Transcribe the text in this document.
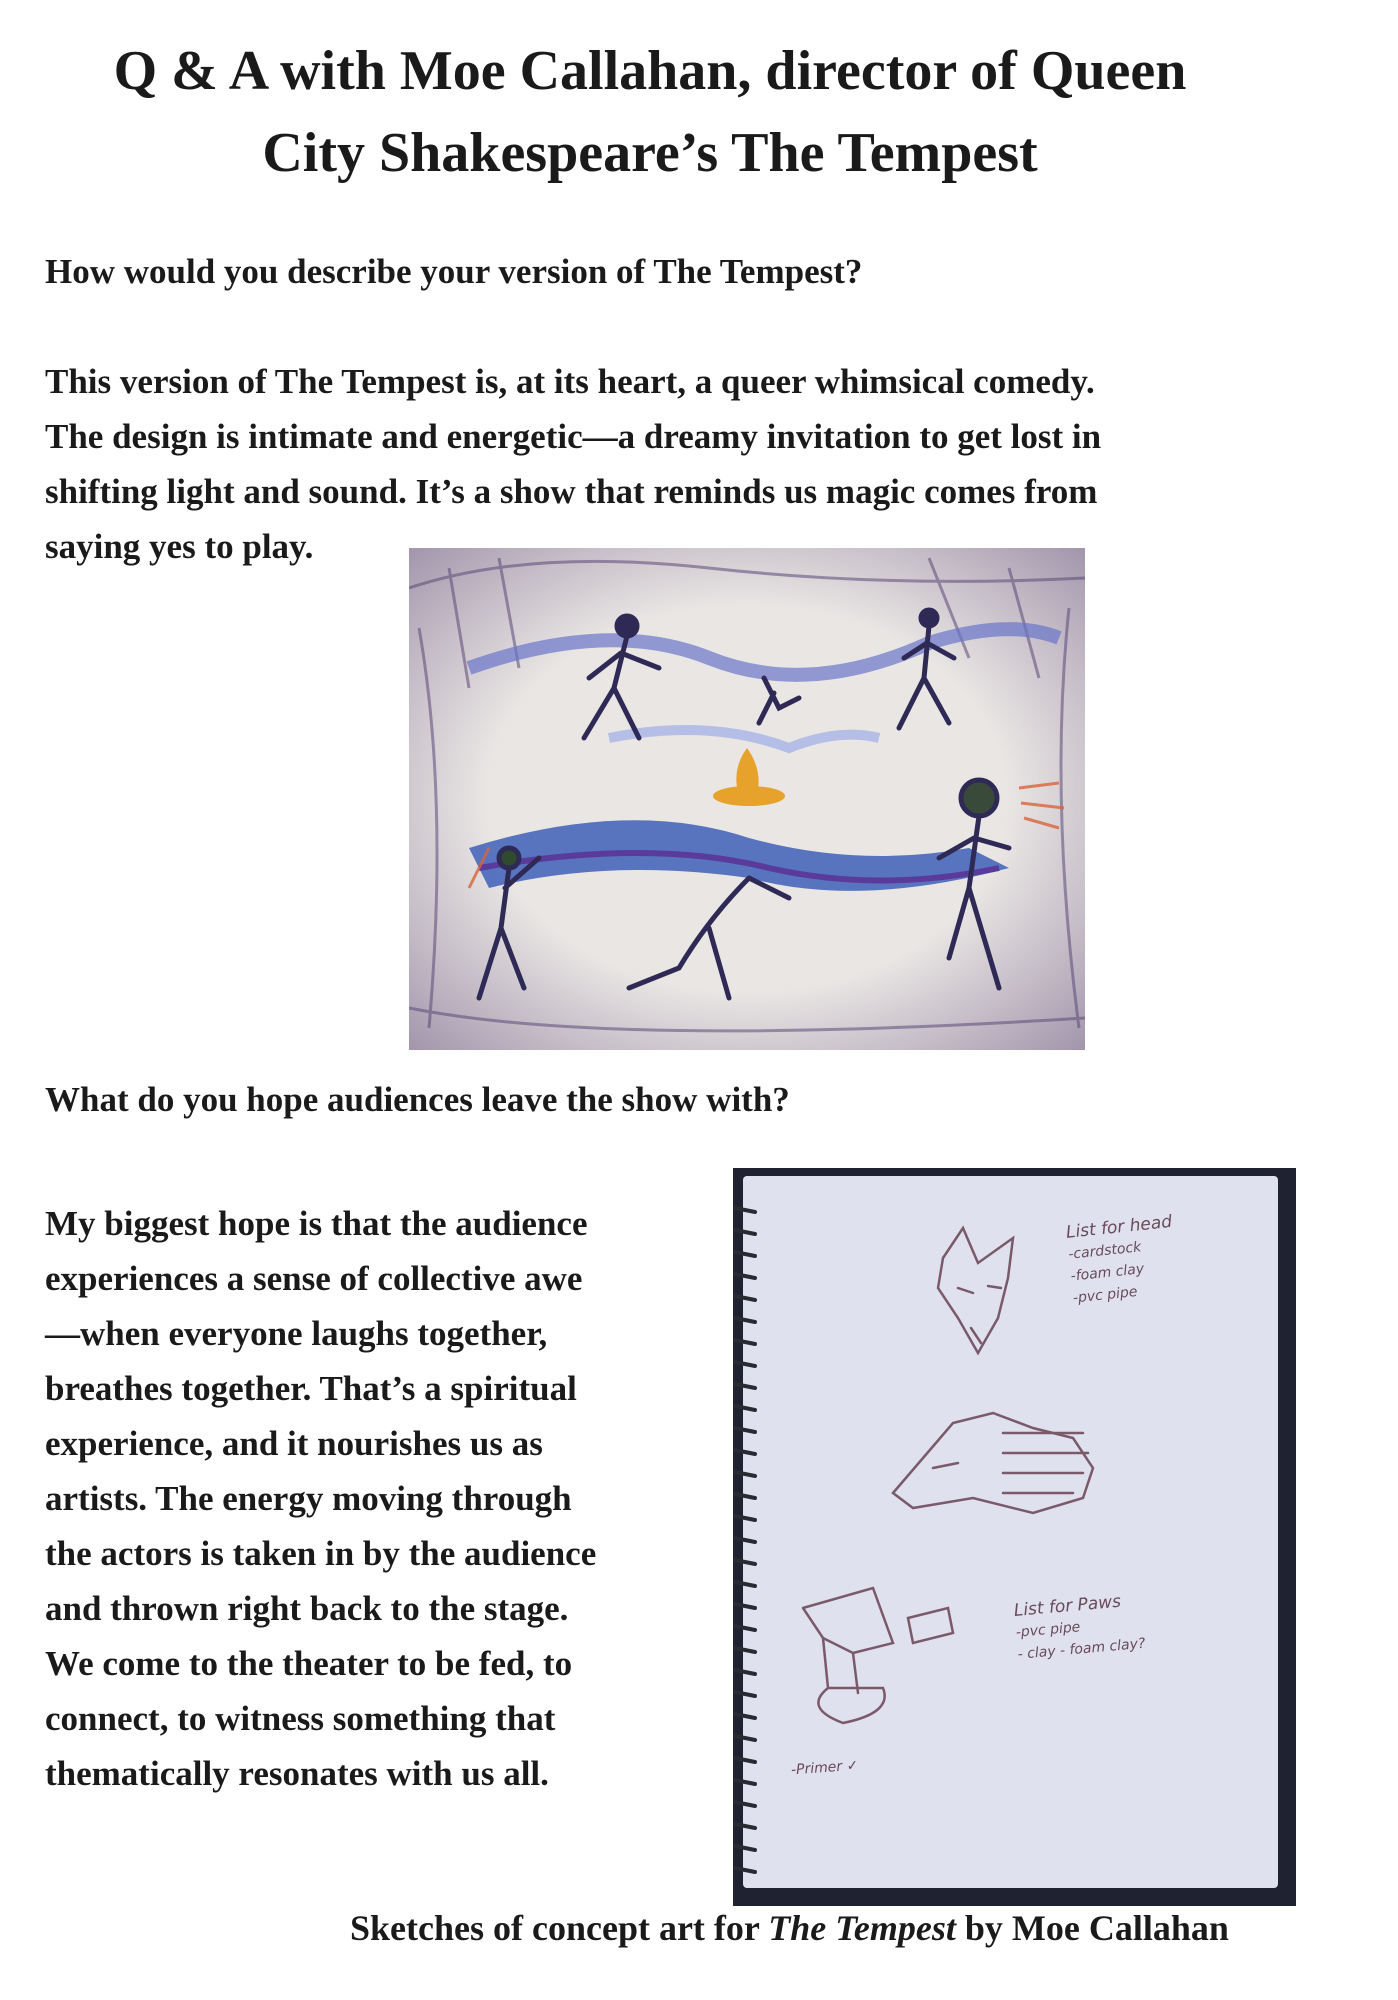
Q & A with Moe Callahan, director of Queen
City Shakespeare’s The Tempest

How would you describe your version of The Tempest?

This version of The Tempest is, at its heart, a queer whimsical comedy.
The design is intimate and energetic—a dreamy invitation to get lost in
shifting light and sound. It’s a show that reminds us magic comes from
saying yes to play.

What do you hope audiences leave the show with?

My biggest hope is that the audience
experiences a sense of collective awe
—when everyone laughs together,
breathes together. That’s a spiritual
experience, and it nourishes us as
artists. The energy moving through
the actors is taken in by the audience
and thrown right back to the stage.
We come to the theater to be fed, to
connect, to witness something that
thematically resonates with us all.
List for head
-cardstock
-foam clay
-pvc pipe
List for Paws
-pvc pipe
- clay - foam clay?
-Primer ✓
Sketches of concept art for The Tempest by Moe Callahan
